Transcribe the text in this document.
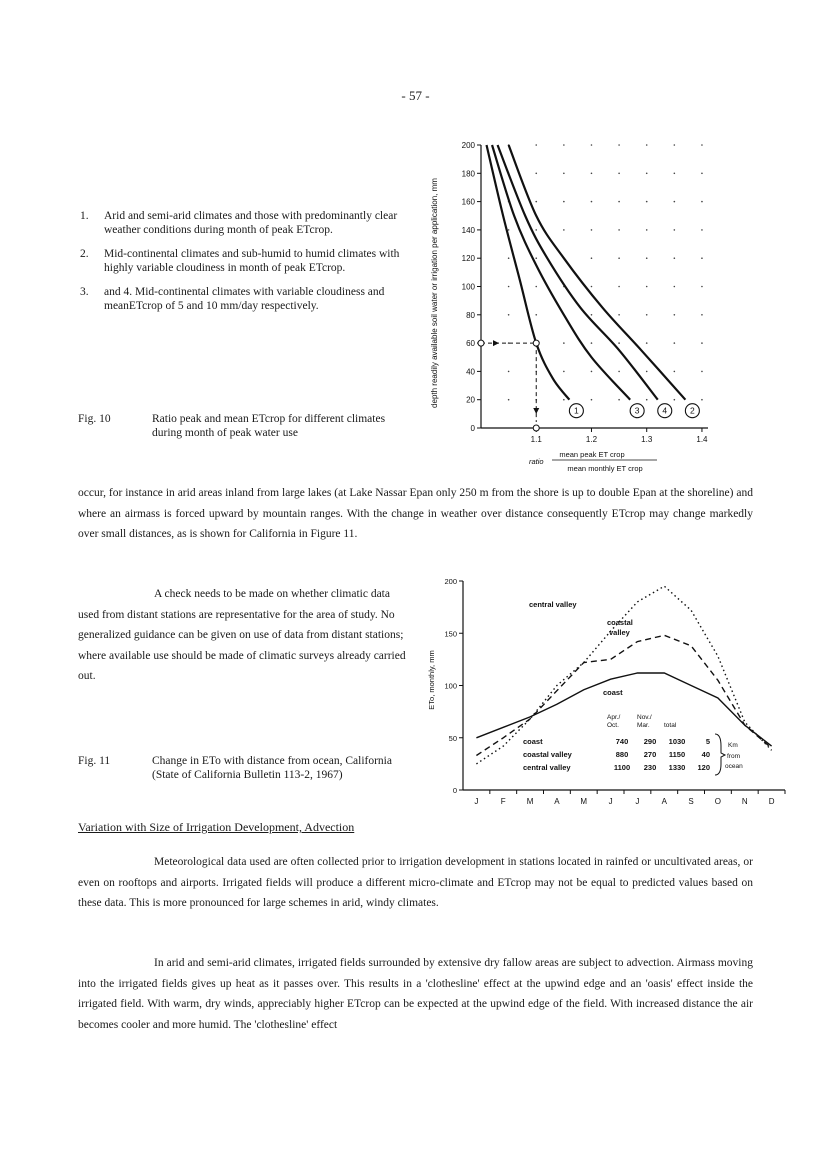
- 57 -
1.	Arid and semi-arid climates and those with predominantly clear weather conditions during month of peak ETcrop.
2.	Mid-continental climates and sub-humid to humid climates with highly variable cloudiness in month of peak ETcrop.
3.	and 4. Mid-continental climates with variable cloudiness and meanETcrop of 5 and 10 mm/day respectively.
Fig. 10	Ratio peak and mean ETcrop for different climates during month of peak water use	0
20
40
60
80
100
120
140
160
180
200
1.1	1.2	1.3	1.4
1	3	4	2
depth readily available soil water or irrigation per application, mm
ratio
mean peak ET crop
mean monthly ET crop
occur, for instance in arid areas inland from large lakes (at Lake Nassar Epan only 250 m from the shore is up to double Epan at the shoreline) and where an airmass is forced upward by mountain ranges. With the change in weather over distance consequently ETcrop may change markedly over small distances, as is shown for California in Figure 11.
A check needs to be made on whether climatic data used from distant stations are representative for the area of study. No generalized guidance can be given on use of data from distant stations; where available use should be made of climatic surveys already carried out.
Fig. 11	Change in ETo with distance from ocean, California (State of California Bulletin 113-2, 1967)
0
50
100
150
200
J	F	M	A	M	J	J	A	S	O	N	D
central valley
coastal
valley
coast
Apr./
Oct.
Nov./
Mar. total
coast	740 290 1030	5
coastal valley	880 270 1150 40
central valley	1100 230 1330 120
Km
from
ocean
ETo, monthly, mm
Variation with Size of Irrigation Development, Advection
Meteorological data used are often collected prior to irrigation development in stations located in rainfed or uncultivated areas, or even on rooftops and airports. Irrigated fields will produce a different micro-climate and ETcrop may not be equal to predicted values based on these data. This is more pronounced for large schemes in arid, windy climates.
In arid and semi-arid climates, irrigated fields surrounded by extensive dry fallow areas are subject to advection. Airmass moving into the irrigated fields gives up heat as it passes over. This results in a 'clothesline' effect at the upwind edge and an 'oasis' effect inside the irrigated field. With warm, dry winds, appreciably higher ETcrop can be expected at the upwind edge of the field. With increased distance the air becomes cooler and more humid. The 'clothesline' effect
